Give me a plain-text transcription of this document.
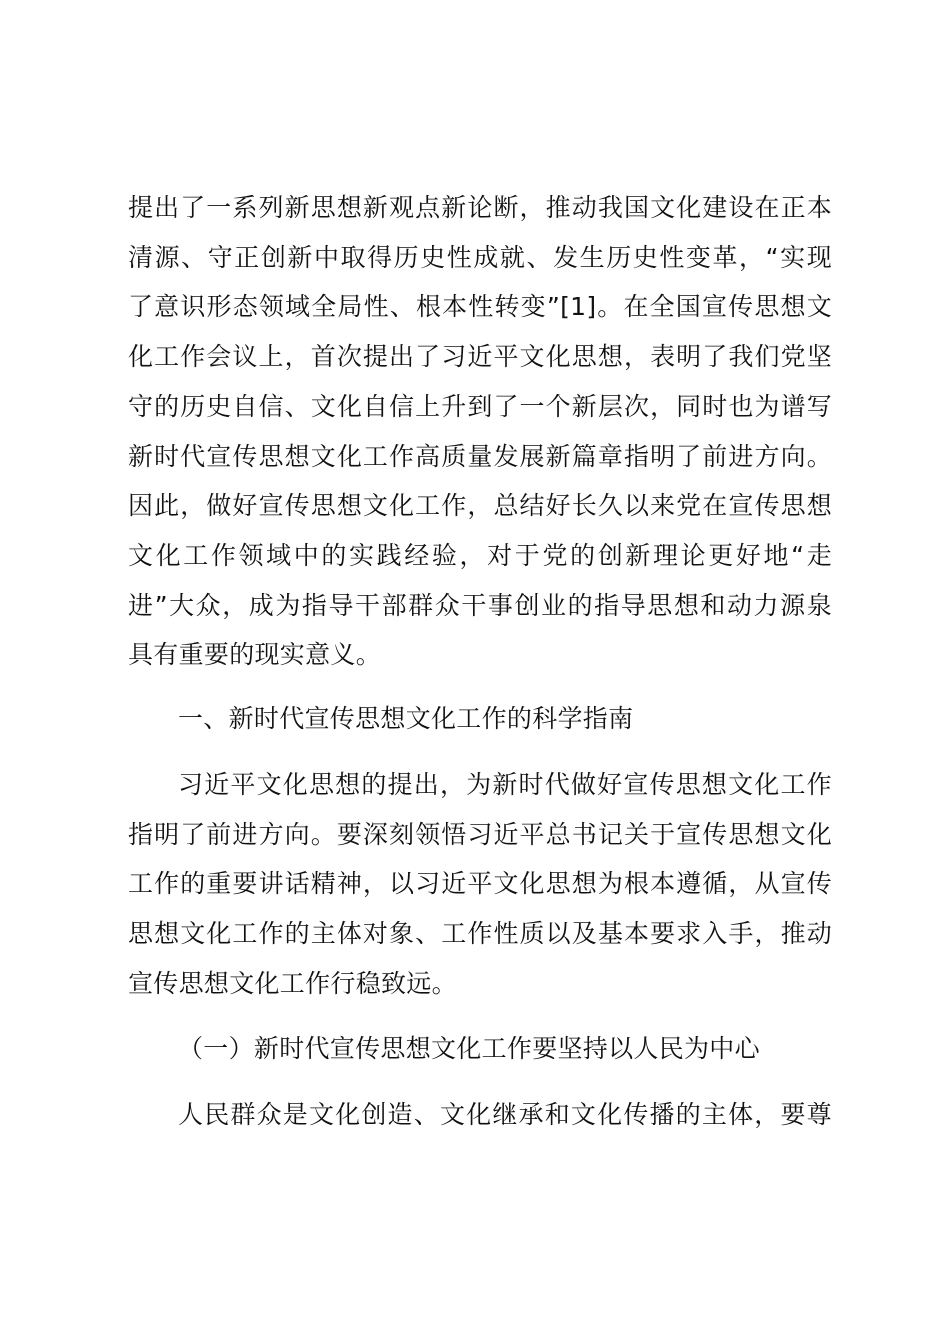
提出了一系列新思想新观点新论断，推动我国文化建设在正本
清源、守正创新中取得历史性成就、发生历史性变革，“实现
了意识形态领域全局性、根本性转变”[1]。在全国宣传思想文
化工作会议上，首次提出了习近平文化思想，表明了我们党坚
守的历史自信、文化自信上升到了一个新层次，同时也为谱写
新时代宣传思想文化工作高质量发展新篇章指明了前进方向。
因此，做好宣传思想文化工作，总结好长久以来党在宣传思想
文化工作领域中的实践经验，对于党的创新理论更好地“走
进”大众，成为指导干部群众干事创业的指导思想和动力源泉
具有重要的现实意义。
一、新时代宣传思想文化工作的科学指南
习近平文化思想的提出，为新时代做好宣传思想文化工作
指明了前进方向。要深刻领悟习近平总书记关于宣传思想文化
工作的重要讲话精神，以习近平文化思想为根本遵循，从宣传
思想文化工作的主体对象、工作性质以及基本要求入手，推动
宣传思想文化工作行稳致远。
（一）新时代宣传思想文化工作要坚持以人民为中心
人民群众是文化创造、文化继承和文化传播的主体，要尊
